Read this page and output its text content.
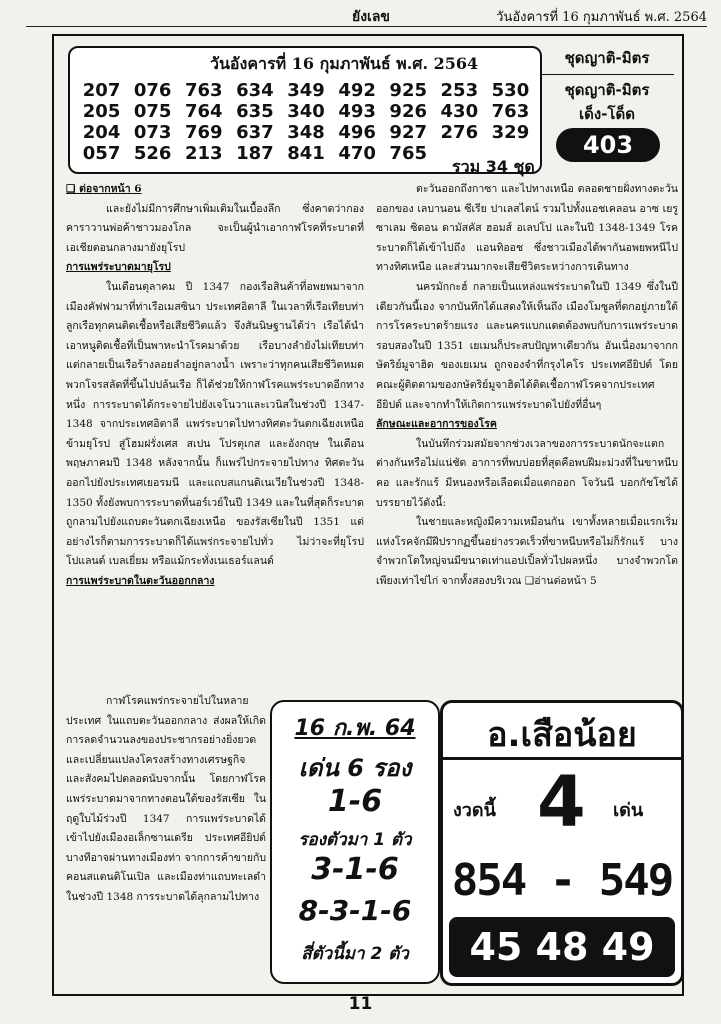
ยังเลข	วันอังคารที่ 16 กุมภาพันธ์ พ.ศ. 2564
วันอังคารที่ 16 กุมภาพันธ์ พ.ศ. 2564
207	076	763	634	349	492	925	253	530
205	075	764	635	340	493	926	430	763
204	073	769	637	348	496	927	276	329
057	526	213	187	841	470	765		
รวม 34 ชุด
ชุดญาติ-มิตร
ชุดญาติ-มิตร
เด็ง-โด็ด
403

❑ ต่อจากหน้า 6

และยังไม่มีการศึกษาเพิ่มเติมในเบื้องลึก ซึ่งคาดว่ากองคาราวานพ่อค้าชาวมองโกล จะเป็นผู้นำเอากาฬโรคที่ระบาดที่เอเชียตอนกลางมายังยุโรป

การแพร่ระบาดมายุโรป

ในเดือนตุลาคม ปี 1347 กองเรือสินค้าที่อพยพมาจากเมืองคัฟฟามาที่ท่าเรือเมสซินา ประเทศอิตาลี ในเวลาที่เรือเทียบท่า ลูกเรือทุกคนติดเชื้อหรือเสียชีวิตแล้ว จึงสันนิษฐานได้ว่า เรือได้นำเอาหนูติดเชื้อที่เป็นพาหะนำโรคมาด้วย เรือบางลำยังไม่เทียบท่า แต่กลายเป็นเรือร้างลอยลำอยู่กลางน้ำ เพราะว่าทุกคนเสียชีวิตหมด พวกโจรสลัดที่ขึ้นไปปล้นเรือ ก็ได้ช่วยให้กาฬโรคแพร่ระบาดอีกทางหนึ่ง การระบาดได้กระจายไปยังเจโนวาและเวนิสในช่วงปี 1347-1348 จากประเทศอิตาลี แพร่ระบาดไปทางทิศตะวันตกเฉียงเหนือ ข้ามยุโรป สู่โฮมฝรั่งเศส สเปน โปรตุเกส และอังกฤษ ในเดือนพฤษภาคมปี 1348 หลังจากนั้น ก็แพร่ไปกระจายไปทาง ทิศตะวันออกไปยังประเทศเยอรมนี และแถบสแกนดิเนเวียในช่วงปี 1348-1350 ทั้งยังพบการระบาดที่นอร์เวย์ในปี 1349 และในที่สุดก็ระบาดถูกลามไปยังแถบตะวันตกเฉียงเหนือ ของรัสเซียในปี 1351 แต่อย่างไรก็ตามการระบาดก็ได้แพร่กระจายไปทั่ว ไม่ว่าจะที่ยุโรป โปแลนด์ เบลเยี่ยม หรือแม้กระทั่งเนเธอร์แลนด์

การแพร่ระบาดในตะวันออกกลาง

ตะวันออกถึงกาซา และไปทางเหนือ ตลอดชายฝั่งทางตะวันออกของ เลบานอน ซีเรีย ปาเลสไตน์ รวมไปทั้งแอชเคลอน อาซ เยรูซาเลม ซิดอน ดามัสคัส ฮอมส์ อเลปโป และในปี 1348-1349 โรคระบาดก็ได้เข้าไปถึง แอนทิออช ซึ่งชาวเมืองได้พากันอพยพหนีไปทางทิศเหนือ และส่วนมากจะเสียชีวิตระหว่างการเดินทาง

นครมักกะฮ์ กลายเป็นแหล่งแพร่ระบาดในปี 1349 ซึ่งในปีเดียวกันนี้เอง จากบันทึกได้แสดงให้เห็นถึง เมืองโมซูลที่ตกอยู่ภายใต้การโรคระบาดร้ายแรง และนครแบกแดดต้องพบกับการแพร่ระบาดรอบสองในปี 1351 เยเมนก็ประสบปัญหาเดียวกัน อันเนื่องมาจากกษัตริย์มูจาฮิด ของเยเมน ถูกจองจำที่กรุงไคโร ประเทศอียิปต์ โดยคณะผู้ติดตามของกษัตริย์มูจาฮิดได้ติดเชื้อกาฬโรคจากประเทศอียิปต์ และจากทำให้เกิดการแพร่ระบาดไปยังที่อื่นๆ

ลักษณะและอาการของโรค

ในบันทึกร่วมสมัยจากช่วงเวลาของการระบาดนักจะแตกต่างกันหรือไม่แน่ชัด อาการที่พบบ่อยที่สุดคือพบฝีมะม่วงที่ในขาหนีบ คอ และรักแร้ มีหนองหรือเลือดเมื่อแตกออก โจวันนี บอกกัชโชได้บรรยายไว้ดังนี้:

ในชายและหญิงมีความเหมือนกัน เขาทั้งหลายเมื่อแรกเริ่มแห่งโรคจักมีฝีปรากฏขึ้นอย่างรวดเร็วที่ขาหนีบหรือไม่ก็รักแร้ บางจำพวกโตใหญ่จนมีขนาดเท่าแอปเปิ้ลทั่วไปผลหนึ่ง บางจำพวกโตเพียงเท่าไข่ไก่ จากทั้งสองบริเวณ ❑อ่านต่อหน้า 5

กาฬโรคแพร่กระจายไปในหลายประเทศ ในแถบตะวันออกกลาง ส่งผลให้เกิดการลดจำนวนลงของประชากรอย่างยิ่งยวดและเปลี่ยนแปลงโครงสร้างทางเศรษฐกิจ และสังคมไปตลอดนับจากนั้น โดยกาฬโรคแพร่ระบาดมาจากทางตอนใต้ของรัสเซีย ในฤดูใบไม้ร่วงปี 1347 การแพร่ระบาดได้เข้าไปยังเมืองอเล็กซานเดรีย ประเทศอียิปต์ บางทีอาจผ่านทางเมืองท่า จากการค้าขายกับ คอนสแตนติโนเปิล และเมืองท่าแถบทะเลดำ ในช่วงปี 1348 การระบาดได้ลุกลามไปทาง

16 ก.พ. 64
เด่น 6 รอง
1-6
รองตัวมา 1 ตัว
3-1-6
8-3-1-6
สี่ตัวนี้มา 2 ตัว
อ.เสือน้อย
งวดนี้ 4 เด่น
854 - 549
45 48 49
11
